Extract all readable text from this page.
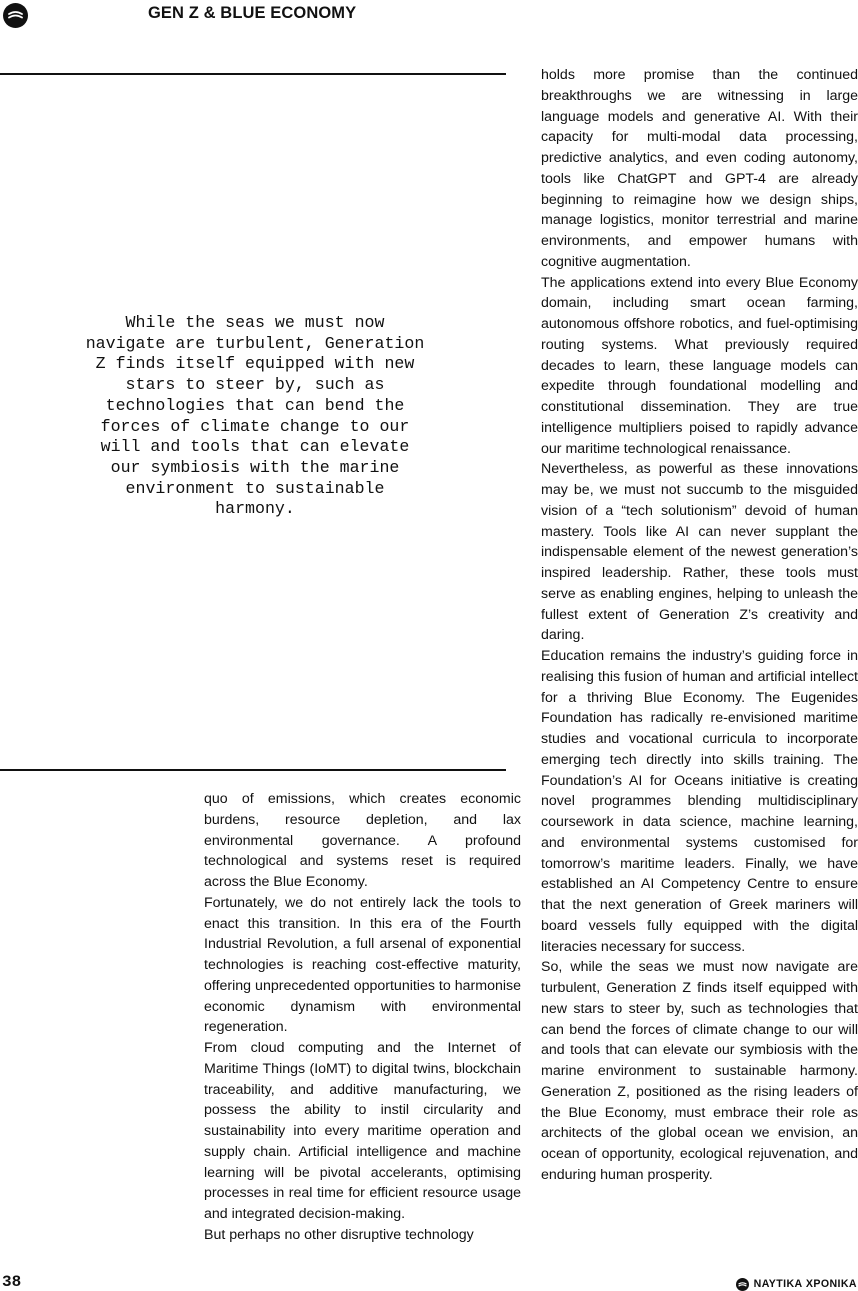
GEN Z & BLUE ECONOMY
While the seas we must now navigate are turbulent, Generation Z finds itself equipped with new stars to steer by, such as technologies that can bend the forces of climate change to our will and tools that can elevate our symbiosis with the marine environment to sustainable harmony.

quo of emissions, which creates economic burdens, resource depletion, and lax environmental governance. A profound technological and systems reset is required across the Blue Economy.

Fortunately, we do not entirely lack the tools to enact this transition. In this era of the Fourth Industrial Revolution, a full arsenal of exponential technologies is reaching cost-effective maturity, offering unprecedented opportunities to harmonise economic dynamism with environmental regeneration.

From cloud computing and the Internet of Maritime Things (IoMT) to digital twins, blockchain traceability, and additive manufacturing, we possess the ability to instil circularity and sustainability into every maritime operation and supply chain. Artificial intelligence and machine learning will be pivotal accelerants, optimising processes in real time for efficient resource usage and integrated decision-making.

But perhaps no other disruptive technology

holds more promise than the continued breakthroughs we are witnessing in large language models and generative AI. With their capacity for multi-modal data processing, predictive analytics, and even coding autonomy, tools like ChatGPT and GPT-4 are already beginning to reimagine how we design ships, manage logistics, monitor terrestrial and marine environments, and empower humans with cognitive augmentation.

The applications extend into every Blue Economy domain, including smart ocean farming, autonomous offshore robotics, and fuel-optimising routing systems. What previously required decades to learn, these language models can expedite through foundational modelling and constitutional dissemination. They are true intelligence multipliers poised to rapidly advance our maritime technological renaissance.

Nevertheless, as powerful as these innovations may be, we must not succumb to the misguided vision of a “tech solutionism” devoid of human mastery. Tools like AI can never supplant the indispensable element of the newest generation’s inspired leadership. Rather, these tools must serve as enabling engines, helping to unleash the fullest extent of Generation Z’s creativity and daring.

Education remains the industry’s guiding force in realising this fusion of human and artificial intellect for a thriving Blue Economy. The Eugenides Foundation has radically re-envisioned maritime studies and vocational curricula to incorporate emerging tech directly into skills training. The Foundation’s AI for Oceans initiative is creating novel programmes blending multidisciplinary coursework in data science, machine learning, and environmental systems customised for tomorrow’s maritime leaders. Finally, we have established an AI Competency Centre to ensure that the next generation of Greek mariners will board vessels fully equipped with the digital literacies necessary for success.

So, while the seas we must now navigate are turbulent, Generation Z finds itself equipped with new stars to steer by, such as technologies that can bend the forces of climate change to our will and tools that can elevate our symbiosis with the marine environment to sustainable harmony. Generation Z, positioned as the rising leaders of the Blue Economy, must embrace their role as architects of the global ocean we envision, an ocean of opportunity, ecological rejuvenation, and enduring human prosperity.

38	ΝΑΥΤΙΚΑ ΧΡΟΝΙΚΑ
